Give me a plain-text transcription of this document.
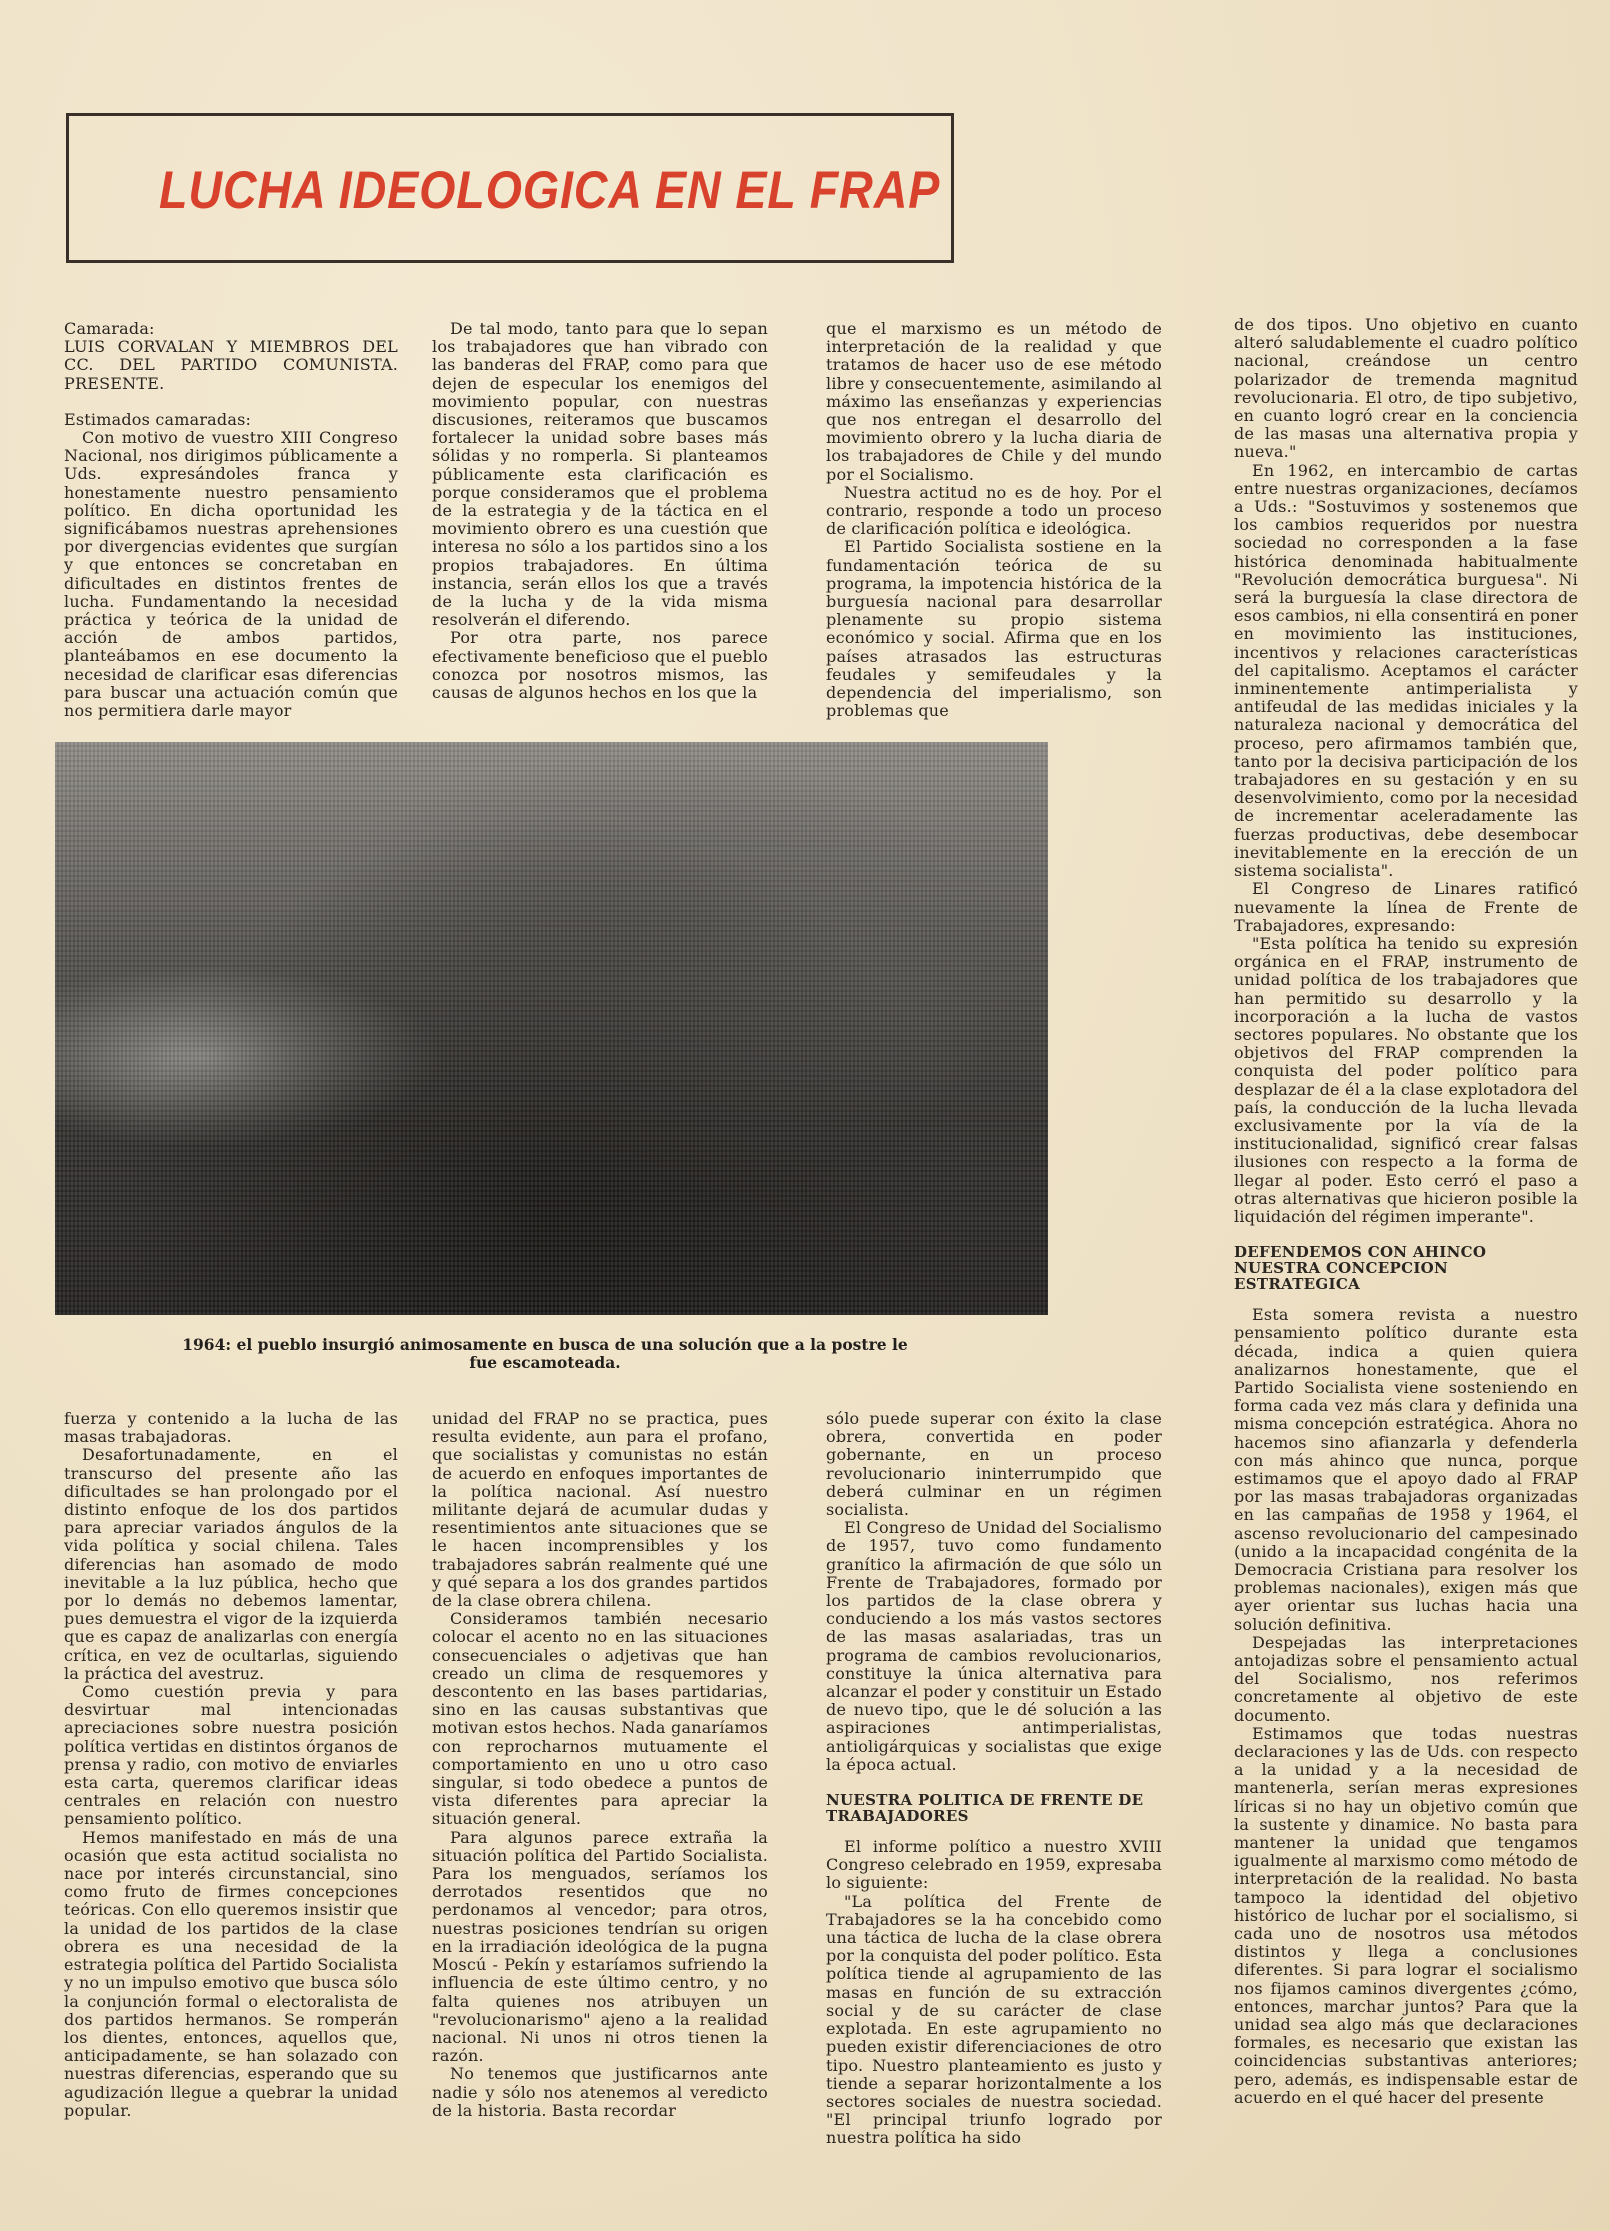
LUCHA IDEOLOGICA EN EL FRAP

Camarada:

LUIS CORVALAN Y MIEMBROS DEL CC. DEL PARTIDO COMUNISTA. PRESENTE.

Estimados camaradas:

Con motivo de vuestro XIII Congreso Nacional, nos dirigimos públicamente a Uds. expresándoles franca y honestamente nuestro pensamiento político. En dicha oportunidad les significábamos nuestras aprehensiones por divergencias evidentes que surgían y que entonces se concretaban en dificultades en distintos frentes de lucha. Fundamentando la necesidad práctica y teórica de la unidad de acción de ambos partidos, planteábamos en ese documento la necesidad de clarificar esas diferencias para buscar una actuación común que nos permitiera darle mayor

De tal modo, tanto para que lo sepan los trabajadores que han vibrado con las banderas del FRAP, como para que dejen de especular los enemigos del movimiento popular, con nuestras discusiones, reiteramos que buscamos fortalecer la unidad sobre bases más sólidas y no romperla. Si planteamos públicamente esta clarificación es porque consideramos que el problema de la estrategia y de la táctica en el movimiento obrero es una cuestión que interesa no sólo a los partidos sino a los propios trabajadores. En última instancia, serán ellos los que a través de la lucha y de la vida misma resolverán el diferendo.

Por otra parte, nos parece efectivamente beneficioso que el pueblo conozca por nosotros mismos, las causas de algunos hechos en los que la

que el marxismo es un método de interpretación de la realidad y que tratamos de hacer uso de ese método libre y consecuentemente, asimilando al máximo las enseñanzas y experiencias que nos entregan el desarrollo del movimiento obrero y la lucha diaria de los trabajadores de Chile y del mundo por el Socialismo.

Nuestra actitud no es de hoy. Por el contrario, responde a todo un proceso de clarificación política e ideológica.

El Partido Socialista sostiene en la fundamentación teórica de su programa, la impotencia histórica de la burguesía nacional para desarrollar plenamente su propio sistema económico y social. Afirma que en los países atrasados las estructuras feudales y semifeudales y la dependencia del imperialismo, son problemas que

de dos tipos. Uno objetivo en cuanto alteró saludablemente el cuadro político nacional, creándose un centro polarizador de tremenda magnitud revolucionaria. El otro, de tipo subjetivo, en cuanto logró crear en la conciencia de las masas una alternativa propia y nueva."

En 1962, en intercambio de cartas entre nuestras organizaciones, decíamos a Uds.: "Sostuvimos y sostenemos que los cambios requeridos por nuestra sociedad no corresponden a la fase histórica denominada habitualmente "Revolución democrática burguesa". Ni será la burguesía la clase directora de esos cambios, ni ella consentirá en poner en movimiento las instituciones, incentivos y relaciones características del capitalismo. Aceptamos el carácter inminentemente antimperialista y antifeudal de las medidas iniciales y la naturaleza nacional y democrática del proceso, pero afirmamos también que, tanto por la decisiva participación de los trabajadores en su gestación y en su desenvolvimiento, como por la necesidad de incrementar aceleradamente las fuerzas productivas, debe desembocar inevitablemente en la erección de un sistema socialista".

El Congreso de Linares ratificó nuevamente la línea de Frente de Trabajadores, expresando:

"Esta política ha tenido su expresión orgánica en el FRAP, instrumento de unidad política de los trabajadores que han permitido su desarrollo y la incorporación a la lucha de vastos sectores populares. No obstante que los objetivos del FRAP comprenden la conquista del poder político para desplazar de él a la clase explotadora del país, la conducción de la lucha llevada exclusivamente por la vía de la institucionalidad, significó crear falsas ilusiones con respecto a la forma de llegar al poder. Esto cerró el paso a otras alternativas que hicieron posible la liquidación del régimen imperante".

DEFENDEMOS CON AHINCO NUESTRA CONCEPCION ESTRATEGICA

Esta somera revista a nuestro pensamiento político durante esta década, indica a quien quiera analizarnos honestamente, que el Partido Socialista viene sosteniendo en forma cada vez más clara y definida una misma concepción estratégica. Ahora no hacemos sino afianzarla y defenderla con más ahinco que nunca, porque estimamos que el apoyo dado al FRAP por las masas trabajadoras organizadas en las campañas de 1958 y 1964, el ascenso revolucionario del campesinado (unido a la incapacidad congénita de la Democracia Cristiana para resolver los problemas nacionales), exigen más que ayer orientar sus luchas hacia una solución definitiva.

Despejadas las interpretaciones antojadizas sobre el pensamiento actual del Socialismo, nos referimos concretamente al objetivo de este documento.

Estimamos que todas nuestras declaraciones y las de Uds. con respecto a la unidad y a la necesidad de mantenerla, serían meras expresiones líricas si no hay un objetivo común que la sustente y dinamice. No basta para mantener la unidad que tengamos igualmente al marxismo como método de interpretación de la realidad. No basta tampoco la identidad del objetivo histórico de luchar por el socialismo, si cada uno de nosotros usa métodos distintos y llega a conclusiones diferentes. Si para lograr el socialismo nos fijamos caminos divergentes ¿cómo, entonces, marchar juntos? Para que la unidad sea algo más que declaraciones formales, es necesario que existan las coincidencias substantivas anteriores; pero, además, es indispensable estar de acuerdo en el qué hacer del presente

1964: el pueblo insurgió animosamente en busca de una solución que a la postre le fue escamoteada.

fuerza y contenido a la lucha de las masas trabajadoras.

Desafortunadamente, en el transcurso del presente año las dificultades se han prolongado por el distinto enfoque de los dos partidos para apreciar variados ángulos de la vida política y social chilena. Tales diferencias han asomado de modo inevitable a la luz pública, hecho que por lo demás no debemos lamentar, pues demuestra el vigor de la izquierda que es capaz de analizarlas con energía crítica, en vez de ocultarlas, siguiendo la práctica del avestruz.

Como cuestión previa y para desvirtuar mal intencionadas apreciaciones sobre nuestra posición política vertidas en distintos órganos de prensa y radio, con motivo de enviarles esta carta, queremos clarificar ideas centrales en relación con nuestro pensamiento político.

Hemos manifestado en más de una ocasión que esta actitud socialista no nace por interés circunstancial, sino como fruto de firmes concepciones teóricas. Con ello queremos insistir que la unidad de los partidos de la clase obrera es una necesidad de la estrategia política del Partido Socialista y no un impulso emotivo que busca sólo la conjunción formal o electoralista de dos partidos hermanos. Se romperán los dientes, entonces, aquellos que, anticipadamente, se han solazado con nuestras diferencias, esperando que su agudización llegue a quebrar la unidad popular.

unidad del FRAP no se practica, pues resulta evidente, aun para el profano, que socialistas y comunistas no están de acuerdo en enfoques importantes de la política nacional. Así nuestro militante dejará de acumular dudas y resentimientos ante situaciones que se le hacen incomprensibles y los trabajadores sabrán realmente qué une y qué separa a los dos grandes partidos de la clase obrera chilena.

Consideramos también necesario colocar el acento no en las situaciones consecuenciales o adjetivas que han creado un clima de resquemores y descontento en las bases partidarias, sino en las causas substantivas que motivan estos hechos. Nada ganaríamos con reprocharnos mutuamente el comportamiento en uno u otro caso singular, si todo obedece a puntos de vista diferentes para apreciar la situación general.

Para algunos parece extraña la situación política del Partido Socialista. Para los menguados, seríamos los derrotados resentidos que no perdonamos al vencedor; para otros, nuestras posiciones tendrían su origen en la irradiación ideológica de la pugna Moscú - Pekín y estaríamos sufriendo la influencia de este último centro, y no falta quienes nos atribuyen un "revolucionarismo" ajeno a la realidad nacional. Ni unos ni otros tienen la razón.

No tenemos que justificarnos ante nadie y sólo nos atenemos al veredicto de la historia. Basta recordar

sólo puede superar con éxito la clase obrera, convertida en poder gobernante, en un proceso revolucionario ininterrumpido que deberá culminar en un régimen socialista.

El Congreso de Unidad del Socialismo de 1957, tuvo como fundamento granítico la afirmación de que sólo un Frente de Trabajadores, formado por los partidos de la clase obrera y conduciendo a los más vastos sectores de las masas asalariadas, tras un programa de cambios revolucionarios, constituye la única alternativa para alcanzar el poder y constituir un Estado de nuevo tipo, que le dé solución a las aspiraciones antimperialistas, antioligárquicas y socialistas que exige la época actual.

NUESTRA POLITICA DE FRENTE DE TRABAJADORES

El informe político a nuestro XVIII Congreso celebrado en 1959, expresaba lo siguiente:

"La política del Frente de Trabajadores se la ha concebido como una táctica de lucha de la clase obrera por la conquista del poder político. Esta política tiende al agrupamiento de las masas en función de su extracción social y de su carácter de clase explotada. En este agrupamiento no pueden existir diferenciaciones de otro tipo. Nuestro planteamiento es justo y tiende a separar horizontalmente a los sectores sociales de nuestra sociedad. "El principal triunfo logrado por nuestra política ha sido
